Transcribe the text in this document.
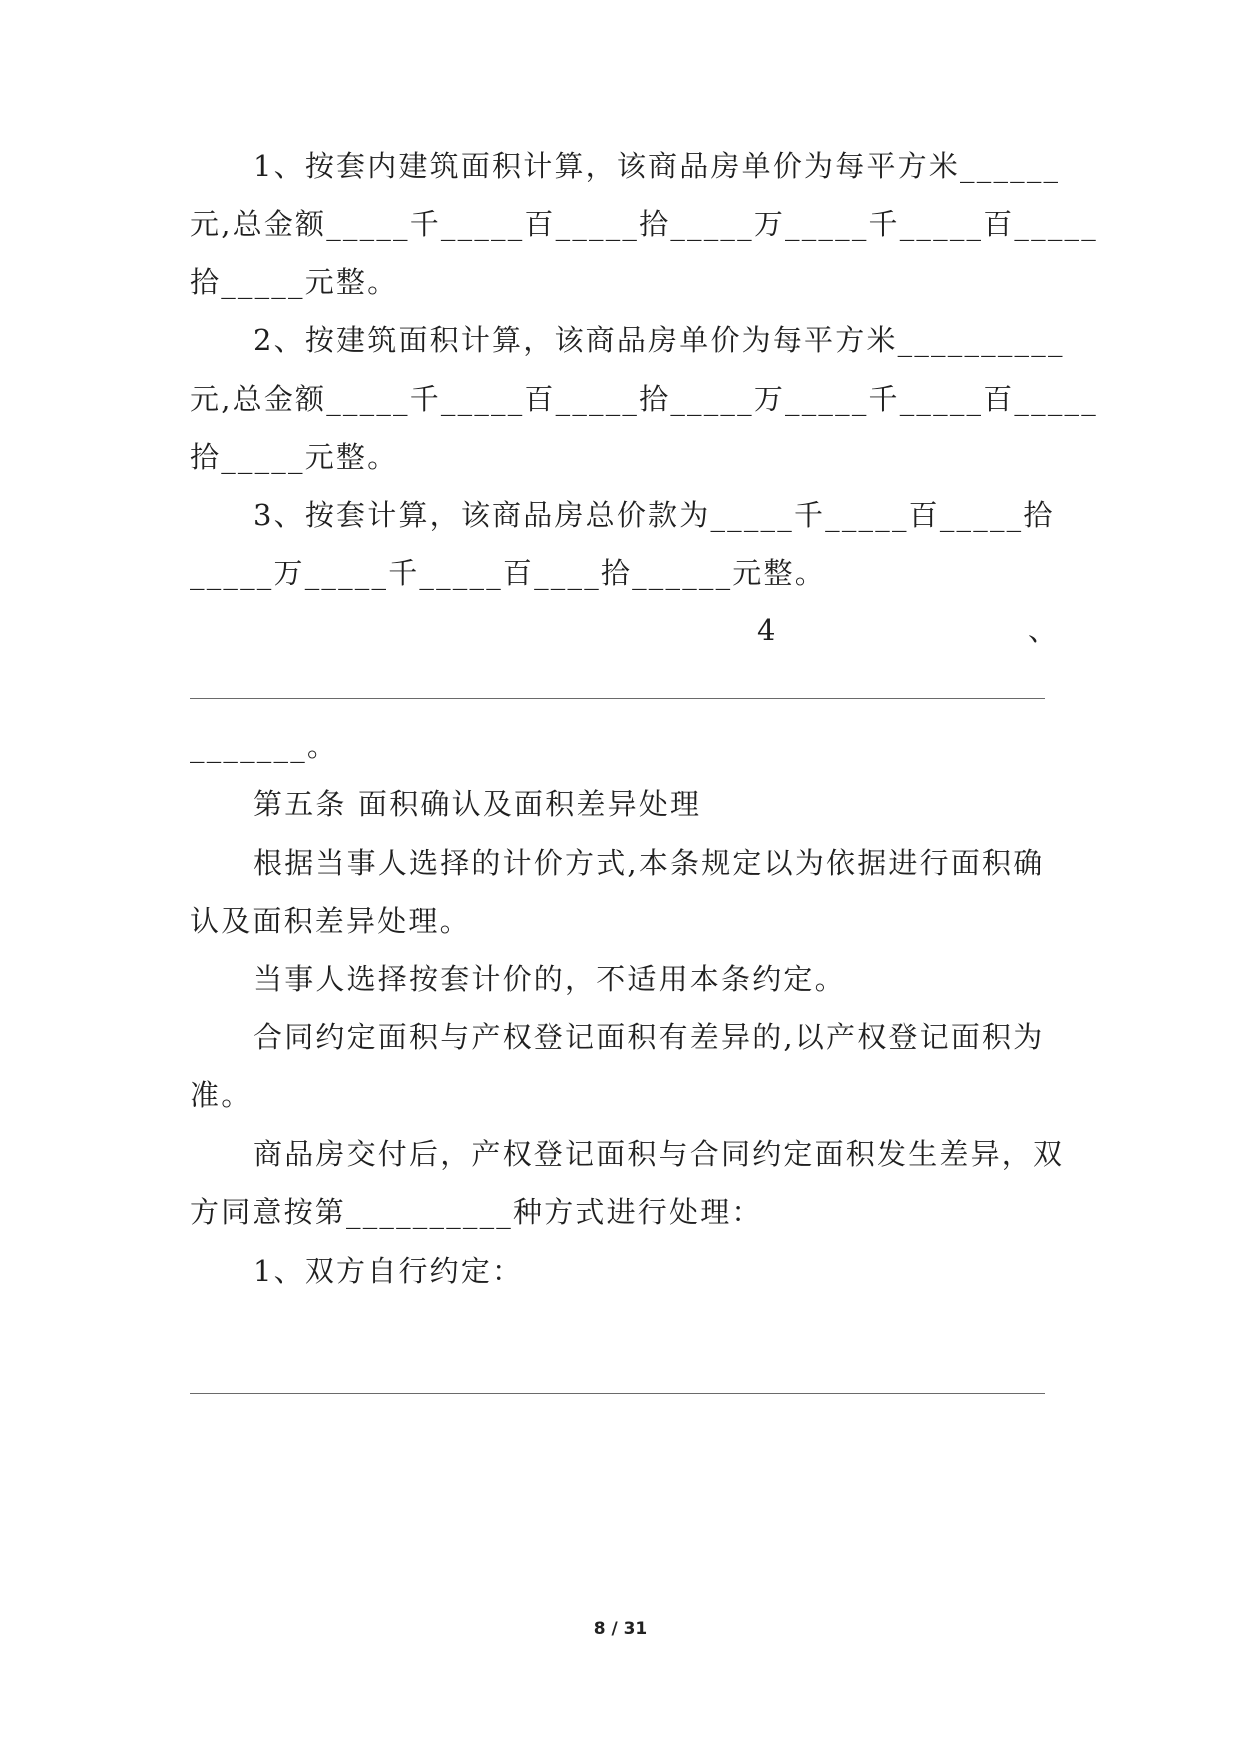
1、按套内建筑面积计算，该商品房单价为每平方米______
元,总金额_____千_____百_____拾_____万_____千_____百_____
拾_____元整。
2、按建筑面积计算，该商品房单价为每平方米__________
元,总金额_____千_____百_____拾_____万_____千_____百_____
拾_____元整。
3、按套计算，该商品房总价款为_____千_____百_____拾
_____万_____千_____百____拾______元整。
4	、
_______。
第五条 面积确认及面积差异处理
根据当事人选择的计价方式,本条规定以为依据进行面积确
认及面积差异处理。
当事人选择按套计价的，不适用本条约定。
合同约定面积与产权登记面积有差异的,以产权登记面积为
准。
商品房交付后，产权登记面积与合同约定面积发生差异，双
方同意按第__________种方式进行处理：
1、双方自行约定：
8 / 31
